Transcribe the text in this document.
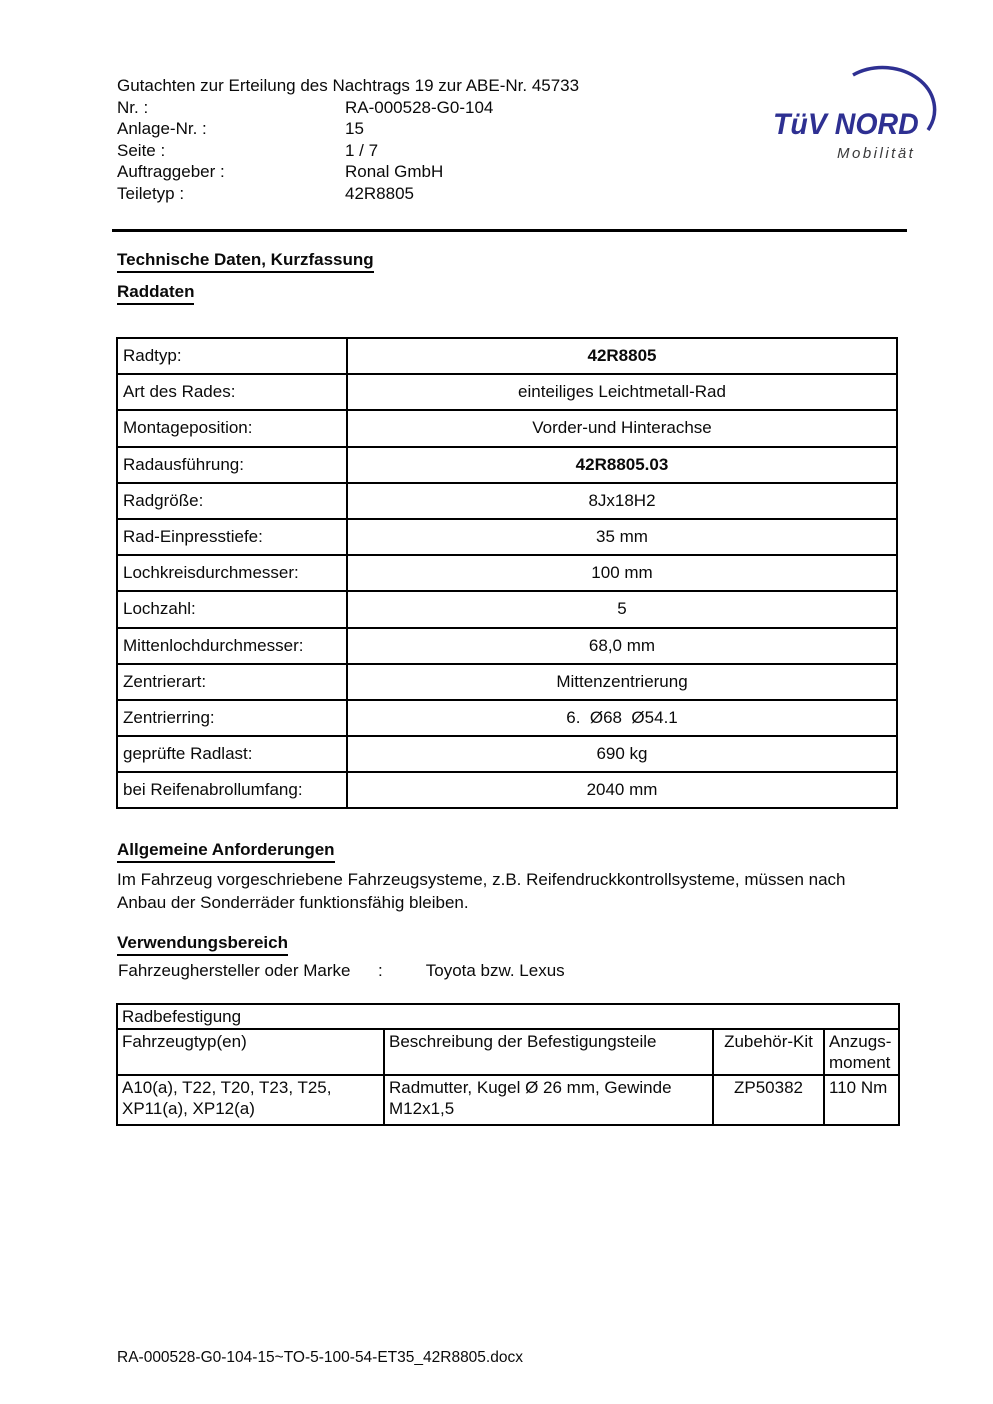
Gutachten zur Erteilung des Nachtrags 19 zur ABE-Nr. 45733
Nr. :	RA-000528-G0-104
Anlage-Nr. :	15
Seite :	1 / 7
Auftraggeber :	Ronal GmbH
Teiletyp :	42R8805
TüV NORD
Mobilität
Technische Daten, Kurzfassung
Raddaten
Radtyp:	42R8805
Art des Rades:	einteiliges Leichtmetall-Rad
Montageposition:	Vorder-und Hinterachse
Radausführung:	42R8805.03
Radgröße:	8Jx18H2
Rad-Einpresstiefe:	35 mm
Lochkreisdurchmesser:	100 mm
Lochzahl:	5
Mittenlochdurchmesser:	68,0 mm
Zentrierart:	Mittenzentrierung
Zentrierring:	6.  Ø68  Ø54.1
geprüfte Radlast:	690 kg
bei Reifenabrollumfang:	2040 mm
Allgemeine Anforderungen
Im Fahrzeug vorgeschriebene Fahrzeugsysteme, z.B. Reifendruckkontrollsysteme, müssen nach Anbau der Sonderräder funktionsfähig bleiben.
Verwendungsbereich
Fahrzeughersteller oder Marke	:	Toyota bzw. Lexus
Radbefestigung			
Fahrzeugtyp(en)	Beschreibung der Befestigungsteile	Zubehör-Kit	Anzugs-moment
A10(a), T22, T20, T23, T25, XP11(a), XP12(a)	Radmutter, Kugel Ø 26 mm, Gewinde M12x1,5	ZP50382	110 Nm
RA-000528-G0-104-15~TO-5-100-54-ET35_42R8805.docx
